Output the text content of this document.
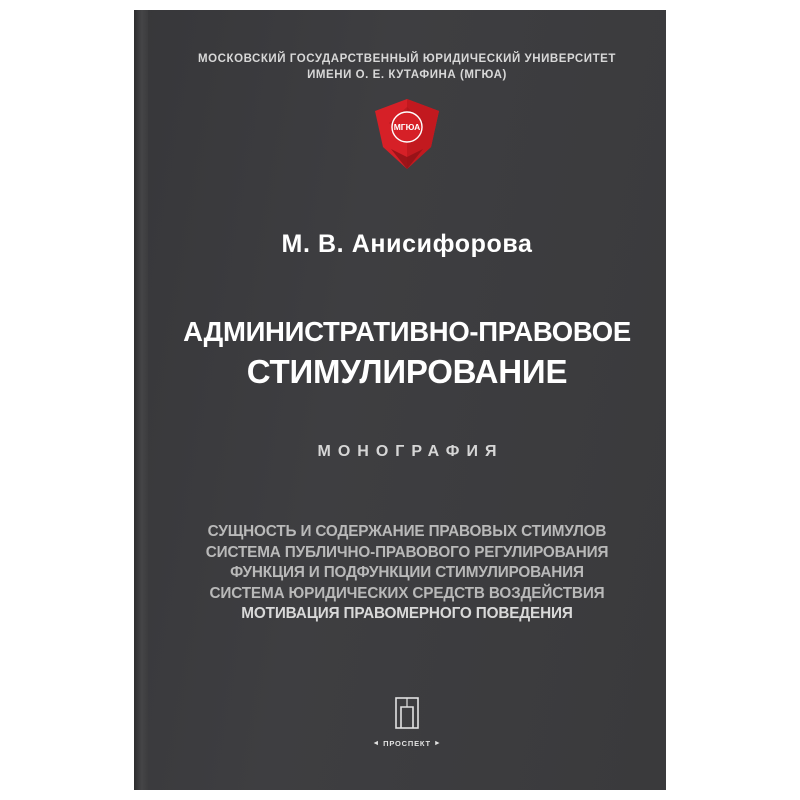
МОСКОВСКИЙ ГОСУДАРСТВЕННЫЙ ЮРИДИЧЕСКИЙ УНИВЕРСИТЕТ
ИМЕНИ О. Е. КУТАФИНА (МГЮА)
МГЮА
М. В. Анисифорова
АДМИНИСТРАТИВНО-ПРАВОВОЕ
СТИМУЛИРОВАНИЕ
МОНОГРАФИЯ
СУЩНОСТЬ И СОДЕРЖАНИЕ ПРАВОВЫХ СТИМУЛОВ
СИСТЕМА ПУБЛИЧНО-ПРАВОВОГО РЕГУЛИРОВАНИЯ
ФУНКЦИЯ И ПОДФУНКЦИИ СТИМУЛИРОВАНИЯ
СИСТЕМА ЮРИДИЧЕСКИХ СРЕДСТВ ВОЗДЕЙСТВИЯ
МОТИВАЦИЯ ПРАВОМЕРНОГО ПОВЕДЕНИЯ
◄ ПРОСПЕКТ ►
